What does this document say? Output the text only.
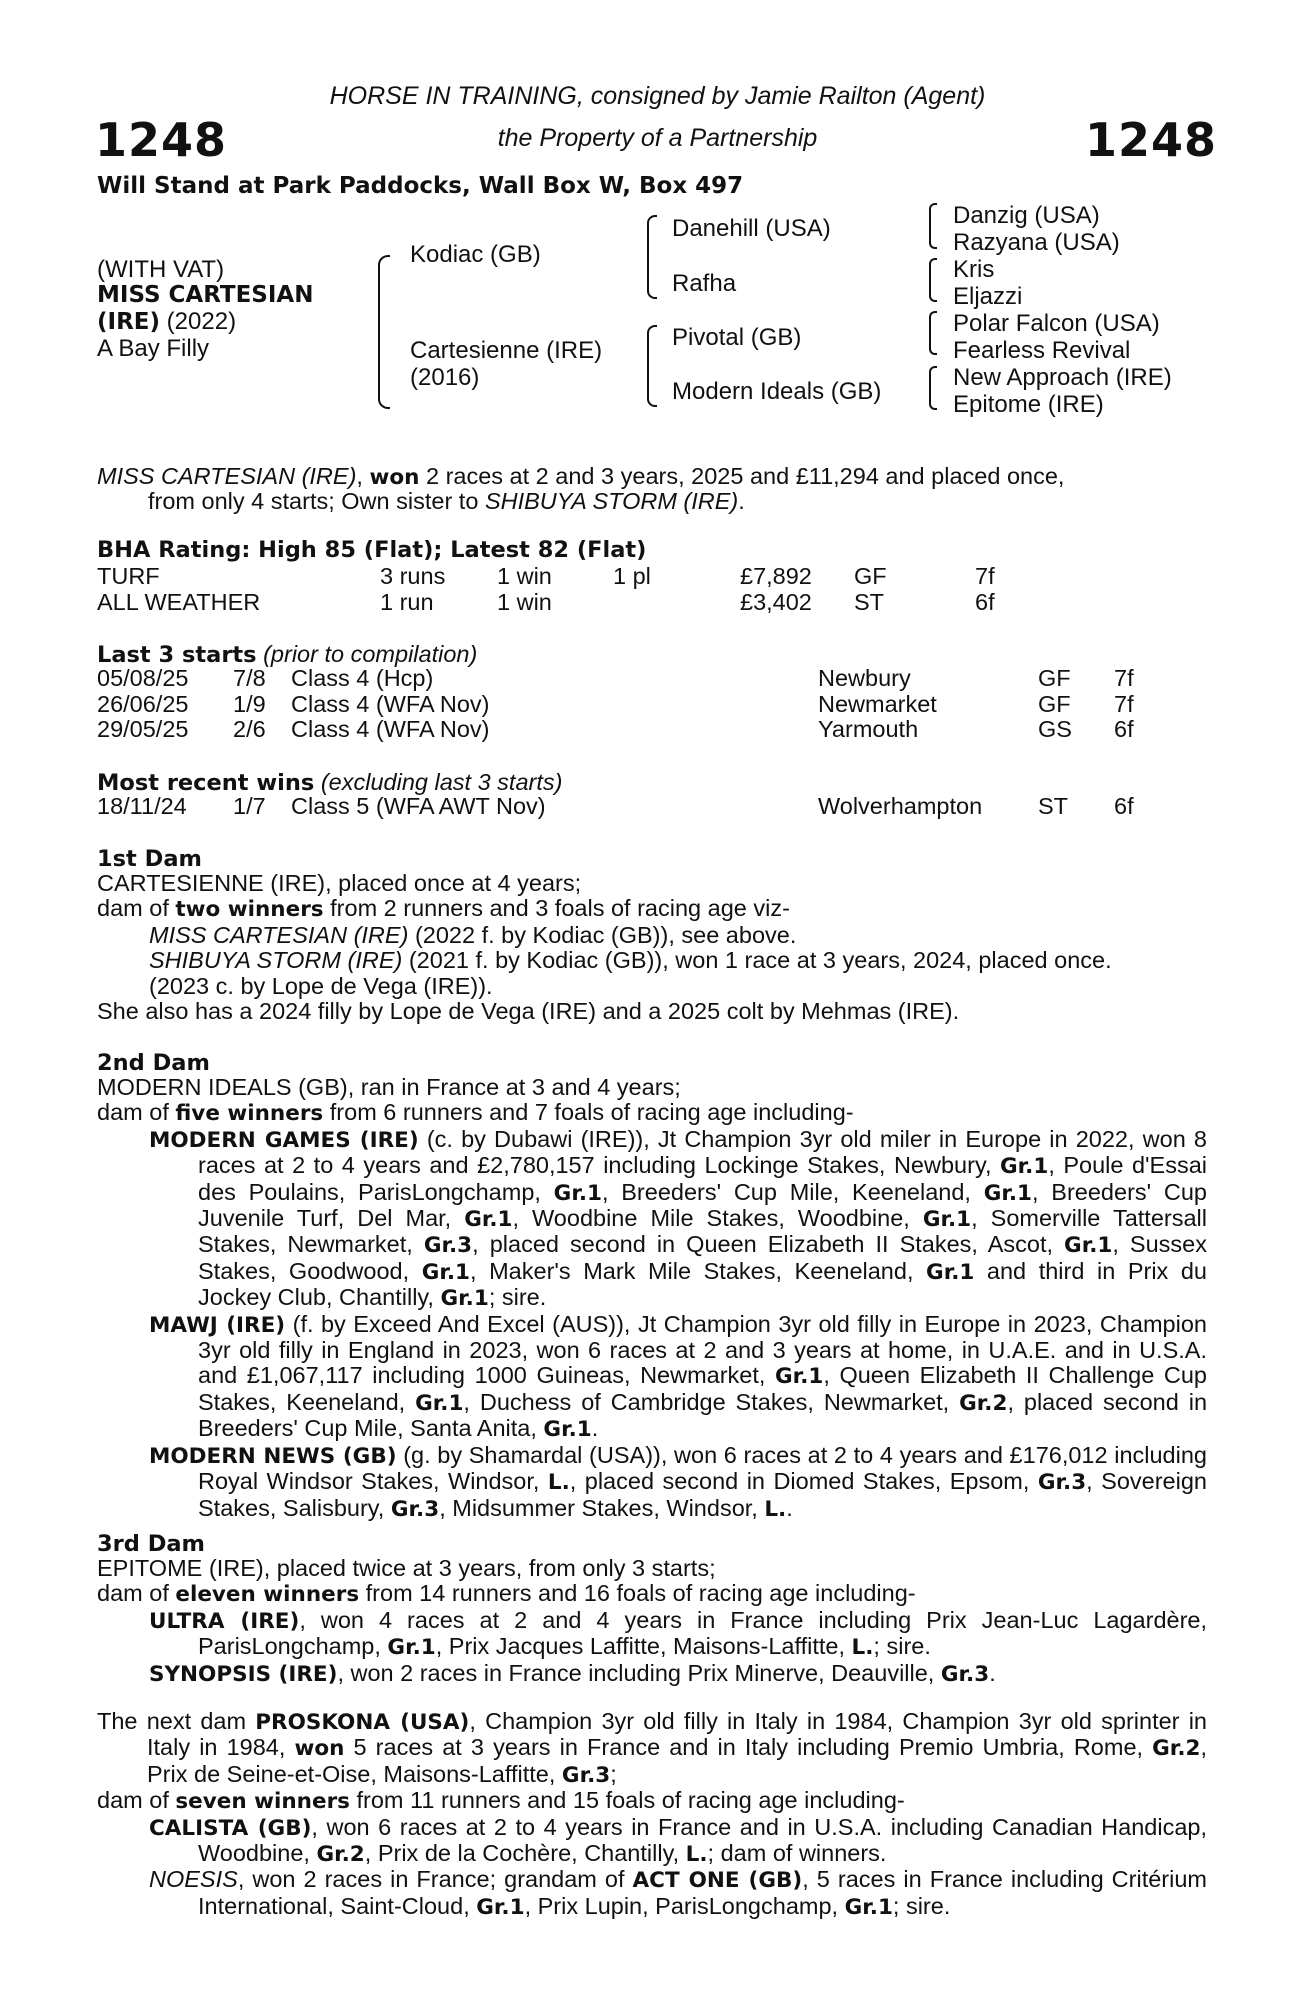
1248	1248
HORSE IN TRAINING, consigned by Jamie Railton (Agent)
the Property of a Partnership
Will Stand at Park Paddocks, Wall Box W, Box 497
(WITH VAT)
MISS CARTESIAN
(IRE) (2022)
A Bay Filly
Kodiac (GB)
Cartesienne (IRE)
(2016)
Danehill (USA)
Rafha
Pivotal (GB)
Modern Ideals (GB)
Danzig (USA)
Razyana (USA)
Kris
Eljazzi
Polar Falcon (USA)
Fearless Revival
New Approach (IRE)
Epitome (IRE)
MISS CARTESIAN (IRE), won 2 races at 2 and 3 years, 2025 and £11,294 and placed once,
from only 4 starts; Own sister to SHIBUYA STORM (IRE).
BHA Rating: High 85 (Flat); Latest 82 (Flat)
TURF	3 runs 1 win	1 pl	£7,892 GF	7f
ALL WEATHER	1 run	1 win	£3,402 ST	6f
Last 3 starts (prior to compilation)
05/08/25 7/8 Class 4 (Hcp)	Newbury	GF 7f
26/06/25 1/9 Class 4 (WFA Nov)	Newmarket	GF 7f
29/05/25 2/6 Class 4 (WFA Nov)	Yarmouth	GS 6f
Most recent wins (excluding last 3 starts)
18/11/24 1/7 Class 5 (WFA AWT Nov)	Wolverhampton ST 6f
1st Dam

CARTESIENNE (IRE), placed once at 4 years;

dam of two winners from 2 runners and 3 foals of racing age viz-

MISS CARTESIAN (IRE) (2022 f. by Kodiac (GB)), see above.

SHIBUYA STORM (IRE) (2021 f. by Kodiac (GB)), won 1 race at 3 years, 2024, placed once.

(2023 c. by Lope de Vega (IRE)).

She also has a 2024 filly by Lope de Vega (IRE) and a 2025 colt by Mehmas (IRE).

2nd Dam

MODERN IDEALS (GB), ran in France at 3 and 4 years;

dam of five winners from 6 runners and 7 foals of racing age including-

MODERN GAMES (IRE) (c. by Dubawi (IRE)), Jt Champion 3yr old miler in Europe in 2022, won 8 races at 2 to 4 years and £2,780,157 including Lockinge Stakes, Newbury, Gr.1, Poule d'Essai des Poulains, ParisLongchamp, Gr.1, Breeders' Cup Mile, Keeneland, Gr.1, Breeders' Cup Juvenile Turf, Del Mar, Gr.1, Woodbine Mile Stakes, Woodbine, Gr.1, Somerville Tattersall Stakes, Newmarket, Gr.3, placed second in Queen Elizabeth II Stakes, Ascot, Gr.1, Sussex Stakes, Goodwood, Gr.1, Maker's Mark Mile Stakes, Keeneland, Gr.1 and third in Prix du Jockey Club, Chantilly, Gr.1; sire.

MAWJ (IRE) (f. by Exceed And Excel (AUS)), Jt Champion 3yr old filly in Europe in 2023, Champion 3yr old filly in England in 2023, won 6 races at 2 and 3 years at home, in U.A.E. and in U.S.A. and £1,067,117 including 1000 Guineas, Newmarket, Gr.1, Queen Elizabeth II Challenge Cup Stakes, Keeneland, Gr.1, Duchess of Cambridge Stakes, Newmarket, Gr.2, placed second in Breeders' Cup Mile, Santa Anita, Gr.1.

MODERN NEWS (GB) (g. by Shamardal (USA)), won 6 races at 2 to 4 years and £176,012 including Royal Windsor Stakes, Windsor, L., placed second in Diomed Stakes, Epsom, Gr.3, Sovereign Stakes, Salisbury, Gr.3, Midsummer Stakes, Windsor, L..

3rd Dam

EPITOME (IRE), placed twice at 3 years, from only 3 starts;

dam of eleven winners from 14 runners and 16 foals of racing age including-

ULTRA (IRE), won 4 races at 2 and 4 years in France including Prix Jean-Luc Lagardère, ParisLongchamp, Gr.1, Prix Jacques Laffitte, Maisons-Laffitte, L.; sire.

SYNOPSIS (IRE), won 2 races in France including Prix Minerve, Deauville, Gr.3.

The next dam PROSKONA (USA), Champion 3yr old filly in Italy in 1984, Champion 3yr old sprinter in Italy in 1984, won 5 races at 3 years in France and in Italy including Premio Umbria, Rome, Gr.2, Prix de Seine-et-Oise, Maisons-Laffitte, Gr.3;

dam of seven winners from 11 runners and 15 foals of racing age including-

CALISTA (GB), won 6 races at 2 to 4 years in France and in U.S.A. including Canadian Handicap, Woodbine, Gr.2, Prix de la Cochère, Chantilly, L.; dam of winners.

NOESIS, won 2 races in France; grandam of ACT ONE (GB), 5 races in France including Critérium International, Saint-Cloud, Gr.1, Prix Lupin, ParisLongchamp, Gr.1; sire.
